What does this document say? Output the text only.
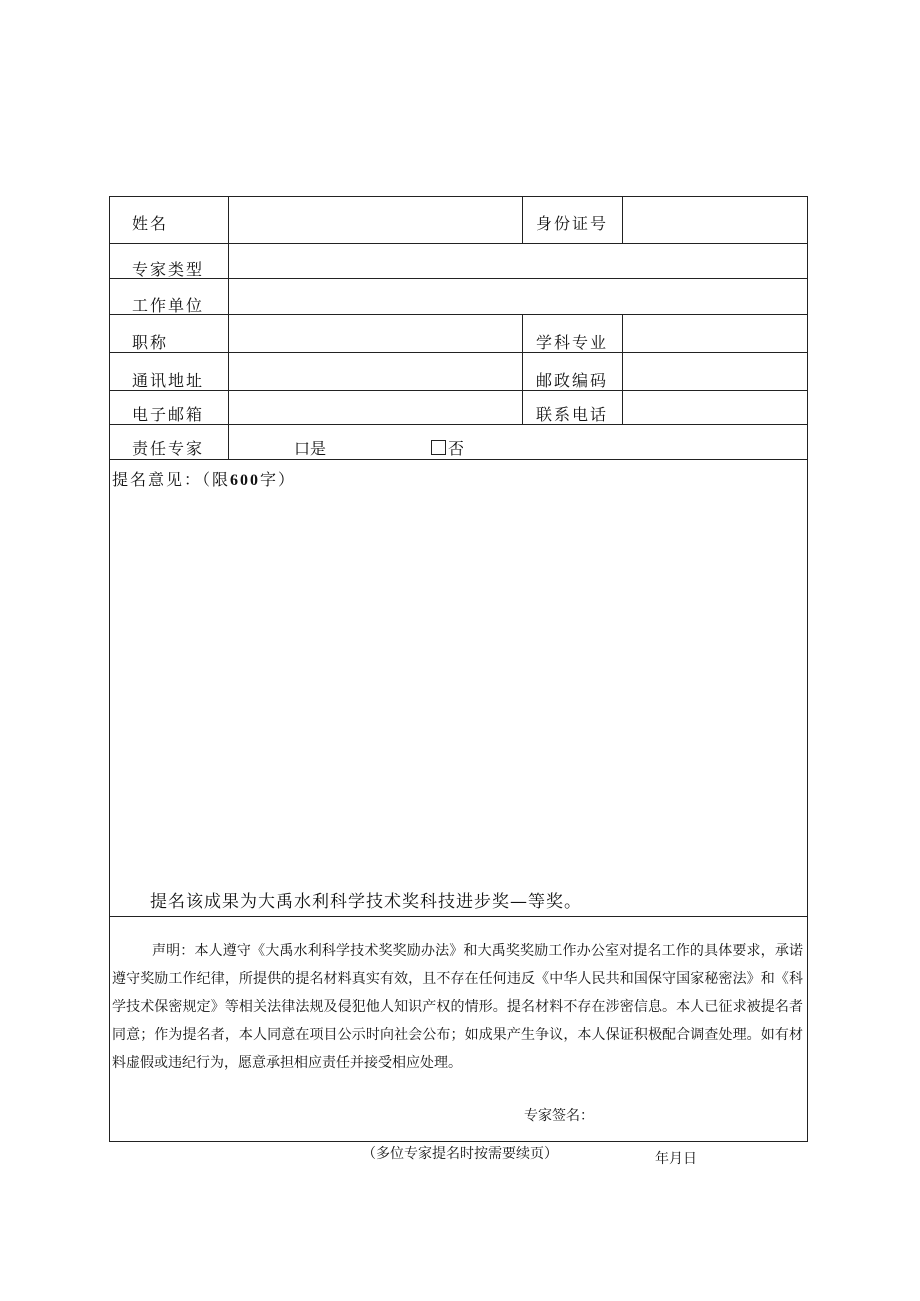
姓名	身份证号
专家类型
工作单位
职称	学科专业
通讯地址	邮政编码
电子邮箱	联系电话
责任专家	口是	否
提名意见：（限600字）
提名该成果为大禹水利科学技术奖科技进步奖—等奖。
声明：本人遵守《大禹水利科学技术奖奖励办法》和大禹奖奖励工作办公室对提名工作的具体要求，承诺遵守奖励工作纪律，所提供的提名材料真实有效，且不存在任何违反《中华人民共和国保守国家秘密法》和《科学技术保密规定》等相关法律法规及侵犯他人知识产权的情形。提名材料不存在涉密信息。本人已征求被提名者同意；作为提名者，本人同意在项目公示时向社会公布；如成果产生争议，本人保证积极配合调查处理。如有材料虚假或违纪行为，愿意承担相应责任并接受相应处理。
专家签名：
年月日
（多位专家提名时按需要续页）
